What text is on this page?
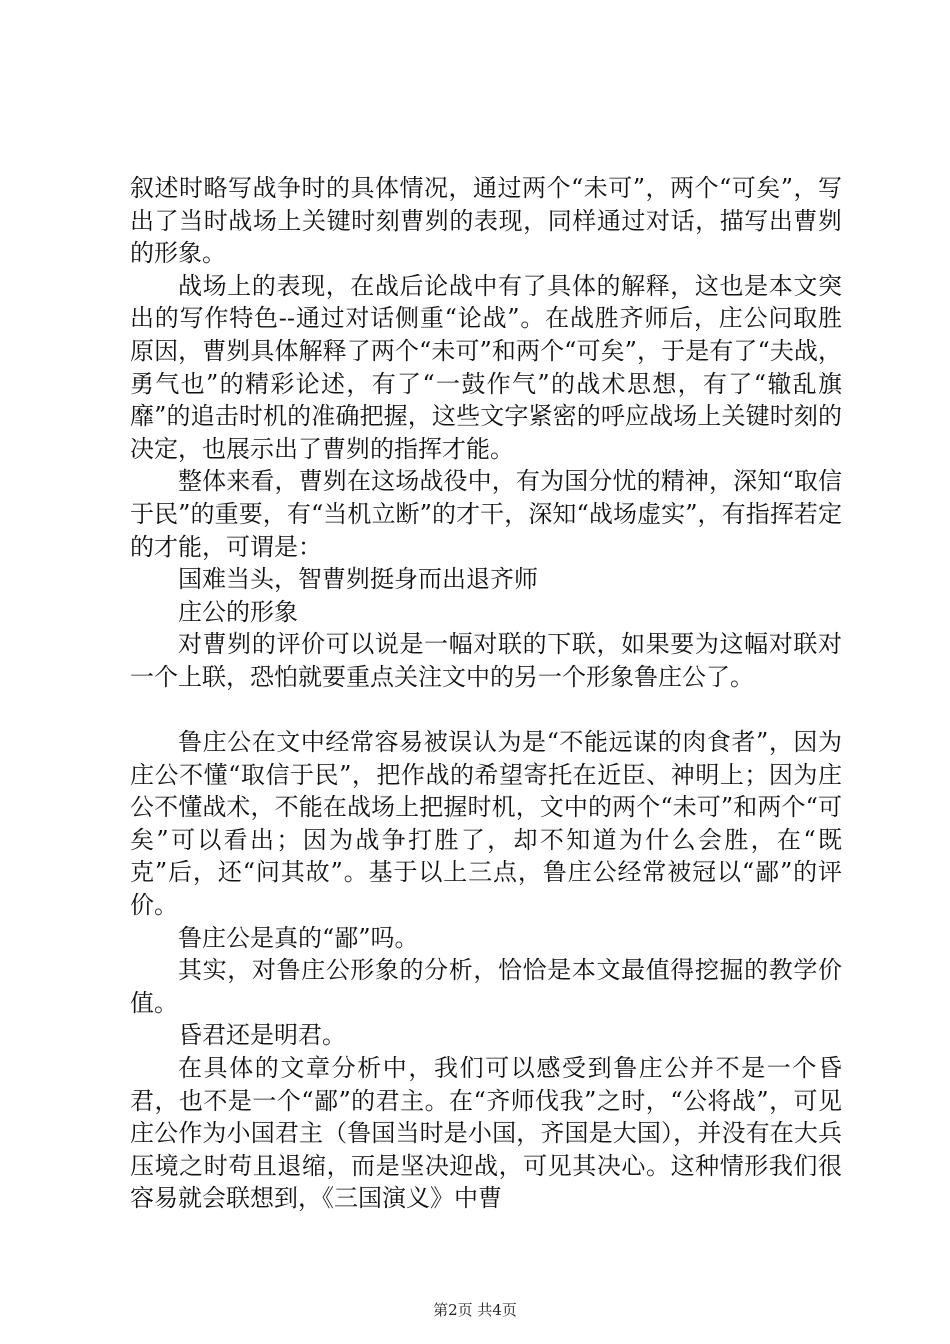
叙述时略写战争时的具体情况，通过两个“未可”，两个“可矣”，写出了当时战场上关键时刻曹刿的表现，同样通过对话，描写出曹刿的形象。

战场上的表现，在战后论战中有了具体的解释，这也是本文突出的写作特色--通过对话侧重“论战”。在战胜齐师后，庄公问取胜原因，曹刿具体解释了两个“未可”和两个“可矣”，于是有了“夫战，勇气也”的精彩论述，有了“一鼓作气”的战术思想，有了“辙乱旗靡”的追击时机的准确把握，这些文字紧密的呼应战场上关键时刻的决定，也展示出了曹刿的指挥才能。

整体来看，曹刿在这场战役中，有为国分忧的精神，深知“取信于民”的重要，有“当机立断”的才干，深知“战场虚实”，有指挥若定的才能，可谓是：

国难当头，智曹刿挺身而出退齐师

庄公的形象

对曹刿的评价可以说是一幅对联的下联，如果要为这幅对联对一个上联，恐怕就要重点关注文中的另一个形象鲁庄公了。

鲁庄公在文中经常容易被误认为是“不能远谋的肉食者”，因为庄公不懂“取信于民”，把作战的希望寄托在近臣、神明上；因为庄公不懂战术，不能在战场上把握时机，文中的两个“未可”和两个“可矣”可以看出；因为战争打胜了，却不知道为什么会胜，在“既克”后，还“问其故”。基于以上三点，鲁庄公经常被冠以“鄙”的评价。

鲁庄公是真的“鄙”吗。

其实，对鲁庄公形象的分析，恰恰是本文最值得挖掘的教学价值。

昏君还是明君。

在具体的文章分析中，我们可以感受到鲁庄公并不是一个昏君，也不是一个“鄙”的君主。在“齐师伐我”之时，“公将战”，可见庄公作为小国君主（鲁国当时是小国，齐国是大国），并没有在大兵压境之时苟且退缩，而是坚决迎战，可见其决心。这种情形我们很容易就会联想到，《三国演义》中曹

第2页 共4页
